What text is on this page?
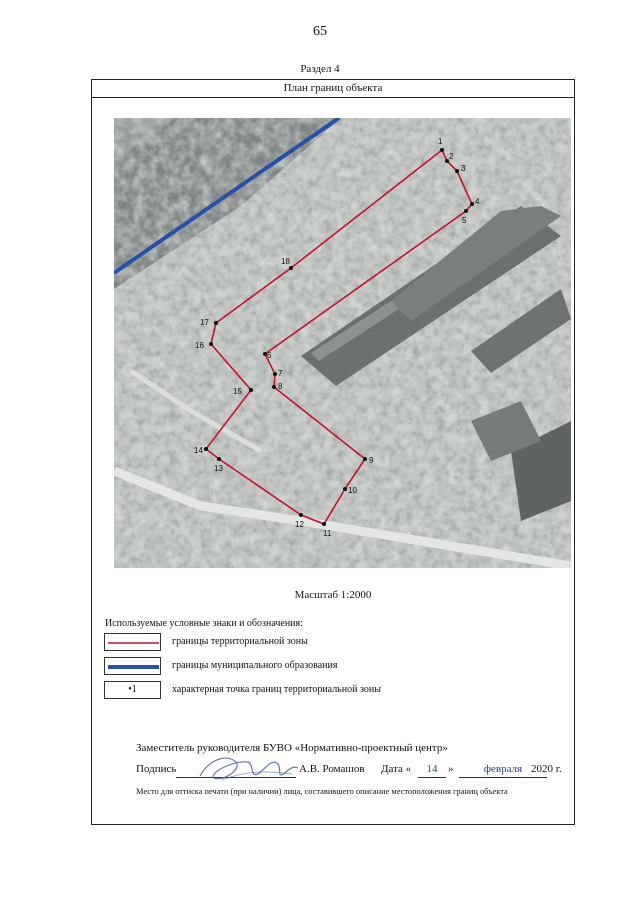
65
Раздел 4
План границ объекта
1
2
3
4
5
6
7
8
9
10
11
12
13
14
15
16
17
18
Масштаб 1:2000
Используемые условные знаки и обозначения:
границы территориальной зоны
границы муниципального образования
•1	характерная точка границ территориальной зоны
Заместитель руководителя БУВО «Нормативно-проектный центр»
Подпись	А.В. Ромашов Дата «	14 »	февраля 2020 г.
Место для оттиска печати (при наличии) лица, составившего описание местоположения границ объекта
